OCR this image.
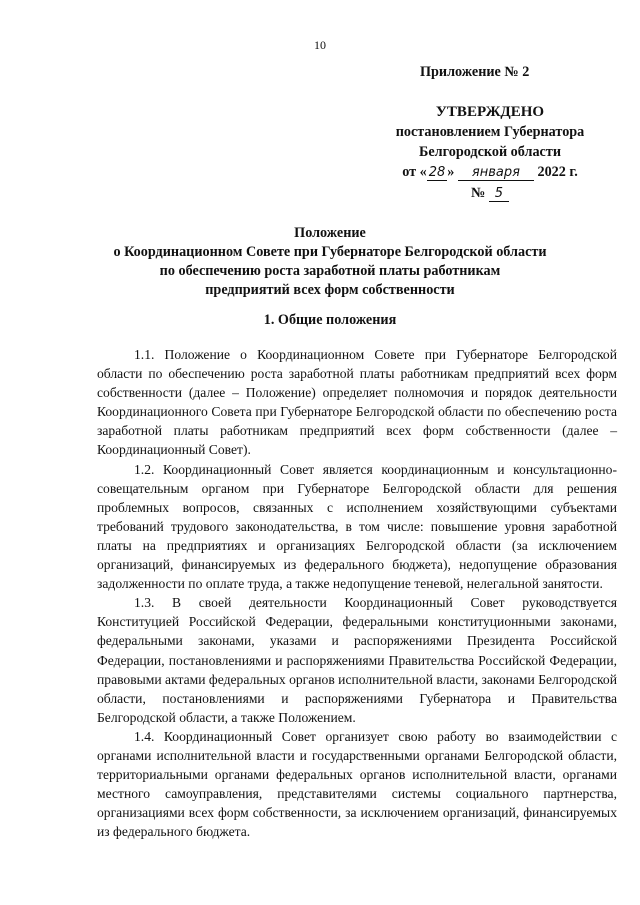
10
Приложение № 2
УТВЕРЖДЕНО
постановлением Губернатора
Белгородской области
от « 28 » января 2022 г.
№ 5
Положение
о Координационном Совете при Губернаторе Белгородской области
по обеспечению роста заработной платы работникам
предприятий всех форм собственности
1. Общие положения

1.1. Положение о Координационном Совете при Губернаторе Белгородской области по обеспечению роста заработной платы работникам предприятий всех форм собственности (далее – Положение) определяет полномочия и порядок деятельности Координационного Совета при Губернаторе Белгородской области по обеспечению роста заработной платы работникам предприятий всех форм собственности (далее – Координационный Совет).

1.2. Координационный Совет является координационным и консультационно-совещательным органом при Губернаторе Белгородской области для решения проблемных вопросов, связанных с исполнением хозяйствующими субъектами требований трудового законодательства, в том числе: повышение уровня заработной платы на предприятиях и организациях Белгородской области (за исключением организаций, финансируемых из федерального бюджета), недопущение образования задолженности по оплате труда, а также недопущение теневой, нелегальной занятости.

1.3. В своей деятельности Координационный Совет руководствуется Конституцией Российской Федерации, федеральными конституционными законами, федеральными законами, указами и распоряжениями Президента Российской Федерации, постановлениями и распоряжениями Правительства Российской Федерации, правовыми актами федеральных органов исполнительной власти, законами Белгородской области, постановлениями и распоряжениями Губернатора и Правительства Белгородской области, а также Положением.

1.4. Координационный Совет организует свою работу во взаимодействии с органами исполнительной власти и государственными органами Белгородской области, территориальными органами федеральных органов исполнительной власти, органами местного самоуправления, представителями системы социального партнерства, организациями всех форм собственности, за исключением организаций, финансируемых из федерального бюджета.
